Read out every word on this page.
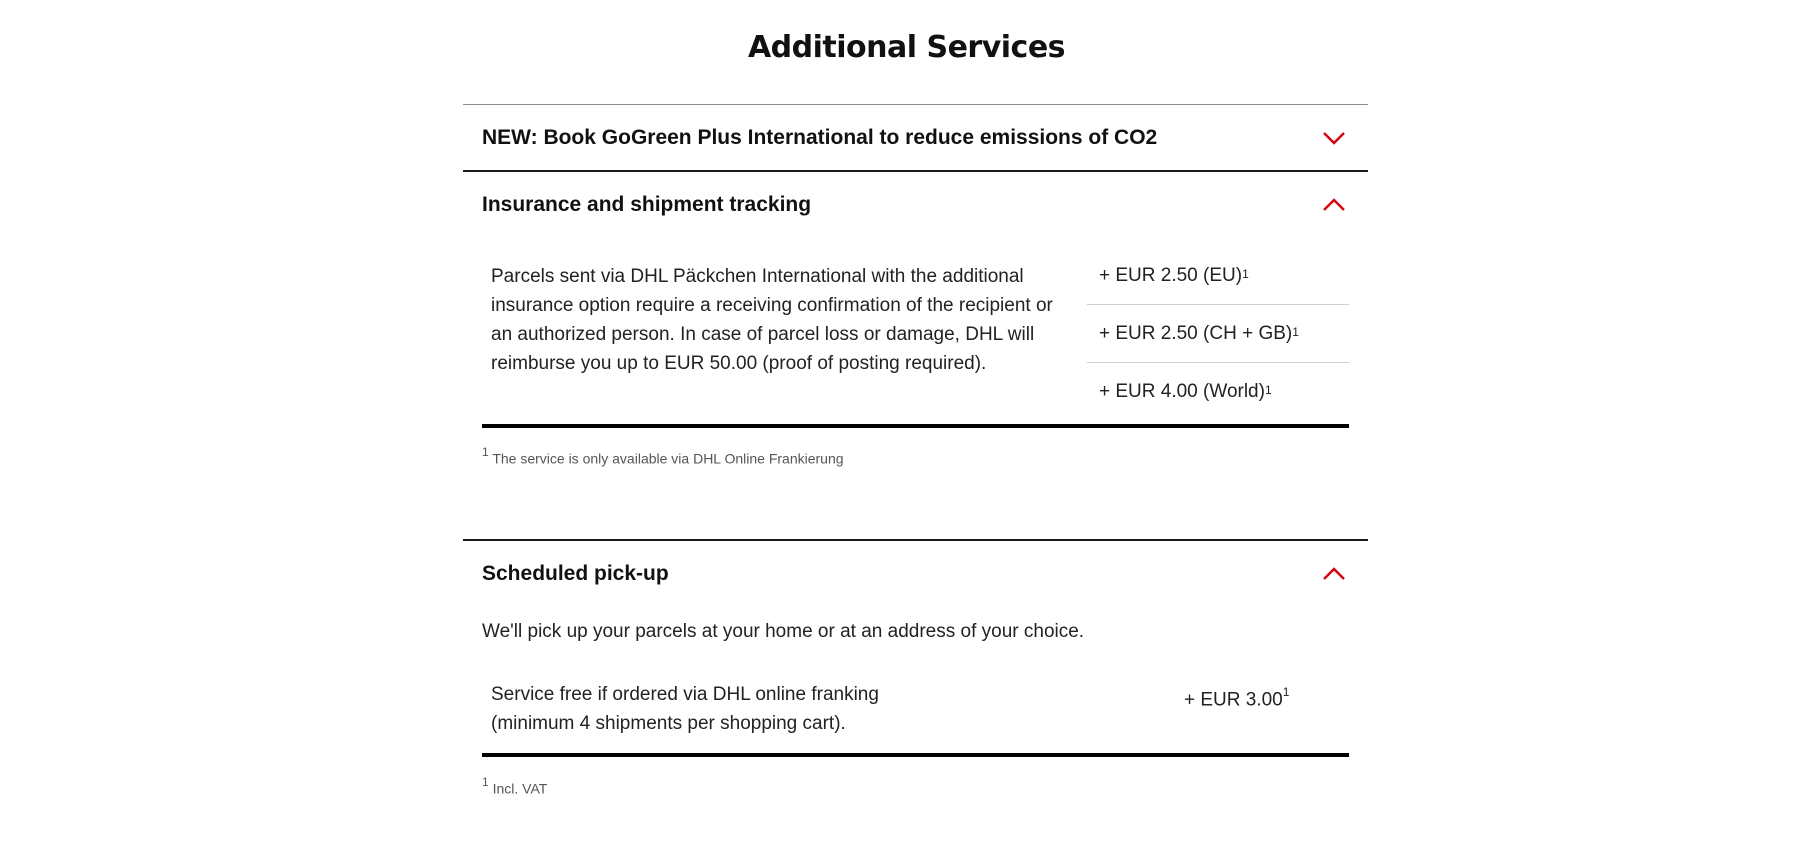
Additional Services
NEW: Book GoGreen Plus International to reduce emissions of CO2
Insurance and shipment tracking
Parcels sent via DHL Päckchen International with the additional insurance option require a receiving confirmation of the recipient or an authorized person. In case of parcel loss or damage, DHL will reimburse you up to EUR 50.00 (proof of posting required).
+ EUR 2.50 (EU)$^1$
+ EUR 2.50 (CH + GB)$^1$
+ EUR 4.00 (World)$^1$
$^1$ The service is only available via DHL Online Frankierung
Scheduled pick-up
We'll pick up your parcels at your home or at an address of your choice.
Service free if ordered via DHL online franking
(minimum 4 shipments per shopping cart).
+ EUR 3.00$^1$
$^1$ Incl. VAT
